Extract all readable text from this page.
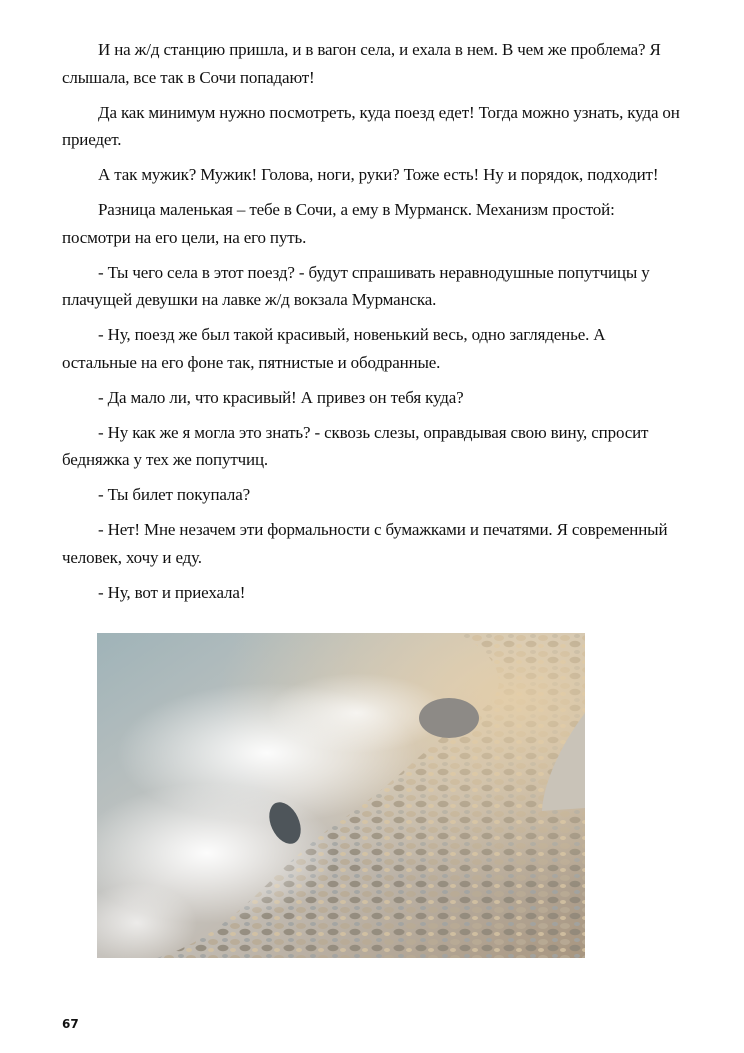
И на ж/д станцию пришла, и в вагон села, и ехала в нем. В чем же проблема? Я слышала, все так в Сочи попадают!

Да как минимум нужно посмотреть, куда поезд едет! Тогда можно узнать, куда он приедет.

А так мужик? Мужик! Голова, ноги, руки? Тоже есть! Ну и порядок, подходит!

Разница маленькая – тебе в Сочи, а ему в Мурманск. Механизм простой: посмотри на его цели, на его путь.

- Ты чего села в этот поезд? - будут спрашивать неравнодушные попутчицы у плачущей девушки на лавке ж/д вокзала Мурманска.

- Ну, поезд же был такой красивый, новенький весь, одно загляденье. А остальные на его фоне так, пятнистые и ободранные.

- Да мало ли, что красивый! А привез он тебя куда?

- Ну как же я могла это знать? - сквозь слезы, оправдывая свою вину, спросит бедняжка у тех же попутчиц.

- Ты билет покупала?

- Нет! Мне незачем эти формальности с бумажками и печатями. Я современный человек, хочу и еду.

- Ну, вот и приехала!

67
